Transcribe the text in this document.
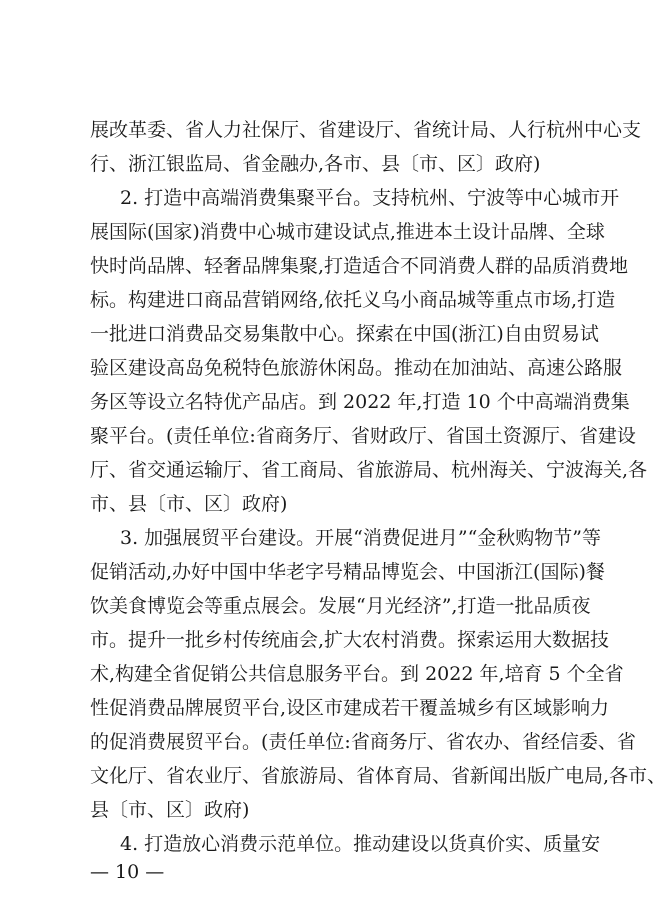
展改革委、省人力社保厅、省建设厅、省统计局、人行杭州中心支
行、浙江银监局、省金融办,各市、县〔市、区〕政府)
2. 打造中高端消费集聚平台。支持杭州、宁波等中心城市开
展国际(国家)消费中心城市建设试点,推进本土设计品牌、全球
快时尚品牌、轻奢品牌集聚,打造适合不同消费人群的品质消费地
标。构建进口商品营销网络,依托义乌小商品城等重点市场,打造
一批进口消费品交易集散中心。探索在中国(浙江)自由贸易试
验区建设高岛免税特色旅游休闲岛。推动在加油站、高速公路服
务区等设立名特优产品店。到 2022 年,打造 10 个中高端消费集
聚平台。(责任单位:省商务厅、省财政厅、省国土资源厅、省建设
厅、省交通运输厅、省工商局、省旅游局、杭州海关、宁波海关,各
市、县〔市、区〕政府)
3. 加强展贸平台建设。开展“消费促进月”“金秋购物节”等
促销活动,办好中国中华老字号精品博览会、中国浙江(国际)餐
饮美食博览会等重点展会。发展“月光经济”,打造一批品质夜
市。提升一批乡村传统庙会,扩大农村消费。探索运用大数据技
术,构建全省促销公共信息服务平台。到 2022 年,培育 5 个全省
性促消费品牌展贸平台,设区市建成若干覆盖城乡有区域影响力
的促消费展贸平台。(责任单位:省商务厅、省农办、省经信委、省
文化厅、省农业厅、省旅游局、省体育局、省新闻出版广电局,各市、
县〔市、区〕政府)
4. 打造放心消费示范单位。推动建设以货真价实、质量安
— 10 —
